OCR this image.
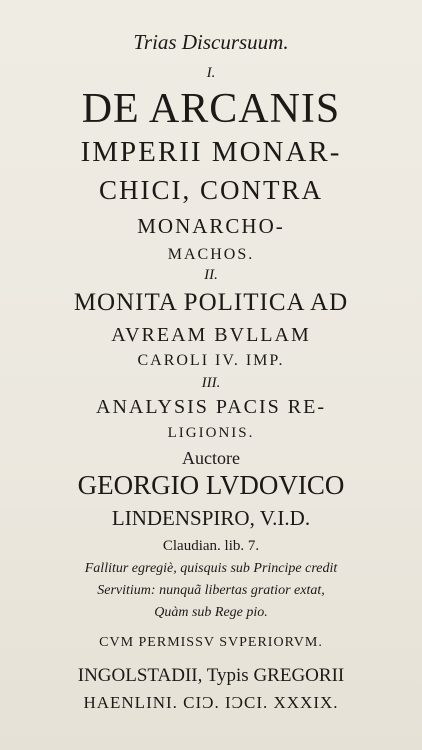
Trias Discursuum.
I.
DE ARCANIS
IMPERII MONAR-
CHICI, CONTRA
MONARCHO-
MACHOS.
II.
MONITA POLITICA AD
AVREAM BVLLAM
CAROLI IV. IMP.
III.
ANALYSIS PACIS RE-
LIGIONIS.
Auctore
GEORGIO LVDOVICO
LINDENSPIRO, V.I.D.
Claudian. lib. 7.
Fallitur egregiè, quisquis sub Principe credit
Servitium: nunquã libertas gratior extat,
Quàm sub Rege pio.
CVM PERMISSV SVPERIORVM.
INGOLSTADII, Typis GREGORII
HAENLINI. CIϽ. IϽCI. XXXIX.
